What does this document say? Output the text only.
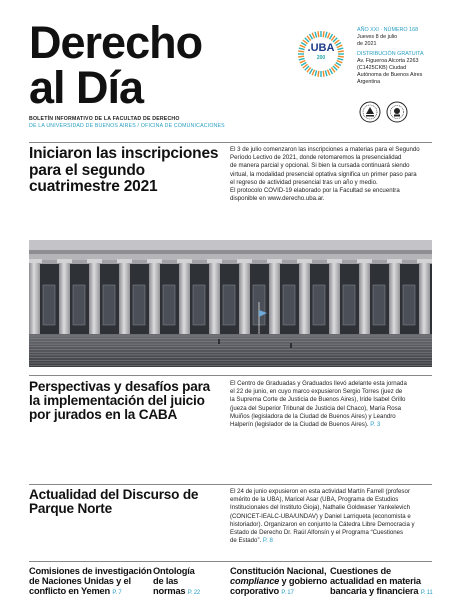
Derecho
al Día
BOLETÍN INFORMATIVO DE LA FACULTAD DE DERECHO
DE LA UNIVERSIDAD DE BUENOS AIRES / OFICINA DE COMUNICACIONES
.UBA
200
AÑO XXI · NÚMERO 168
Jueves 8 de julio
de 2021
DISTRIBUCIÓN GRATUITA
Av. Figueroa Alcorta 2263
(C1425CKB) Ciudad
Autónoma de Buenos Aires
Argentina
Iniciaron las inscripciones
para el segundo
cuatrimestre 2021
El 3 de julio comenzaron las inscripciones a materias para el Segundo
Período Lectivo de 2021, donde retomaremos la presencialidad
de manera parcial y opcional. Si bien la cursada continuará siendo
virtual, la modalidad presencial optativa significa un primer paso para
el regreso de actividad presencial tras un año y medio.
El protocolo COVID-19 elaborado por la Facultad se encuentra
disponible en www.derecho.uba.ar.
Perspectivas y desafíos para
la implementación del juicio
por jurados en la CABA
El Centro de Graduadas y Graduados llevó adelante esta jornada
el 22 de junio, en cuyo marco expusieron Sergio Torres (juez de
la Suprema Corte de Justicia de Buenos Aires), Iride Isabel Grillo
(jueza del Superior Tribunal de Justicia del Chaco), María Rosa
Muiños (legisladora de la Ciudad de Buenos Aires) y Leandro
Halperín (legislador de la Ciudad de Buenos Aires). P. 3
Actualidad del Discurso de
Parque Norte
El 24 de junio expusieron en esta actividad Martín Farrell (profesor
emérito de la UBA), Maricel Asar (UBA, Programa de Estudios
Institucionales del Instituto Gioja), Nathalie Goldwaser Yankelevich
(CONICET-IEALC-UBA/UNDAV) y Daniel Larriqueta (economista e
historiador). Organizaron en conjunto la Cátedra Libre Democracia y
Estado de Derecho Dr. Raúl Alfonsín y el Programa “Cuestiones
de Estado”. P. 8
Comisiones de investigación
de Naciones Unidas y el
conflicto en Yemen P. 7
Ontología
de las
normas P. 22
Constitución Nacional,
compliance y gobierno
corporativo P. 17
Cuestiones de
actualidad en materia
bancaria y financiera P. 11
